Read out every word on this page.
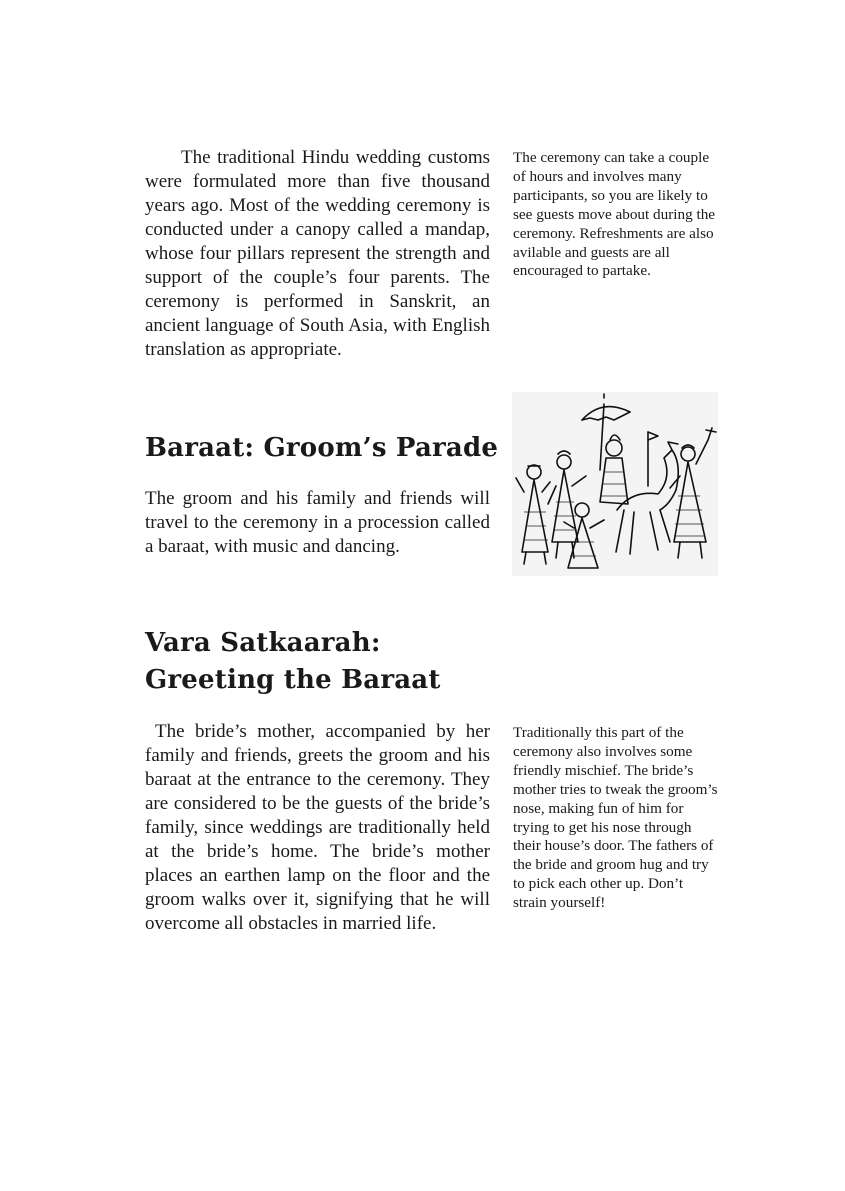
The traditional Hindu wedding customs were formulated more than five thousand years ago. Most of the wedding ceremony is conducted under a canopy called a mandap, whose four pillars represent the strength and support of the couple’s four parents. The ceremony is performed in Sanskrit, an ancient language of South Asia, with English translation as appropriate.

The ceremony can take a couple of hours and involves many participants, so you are likely to see guests move about during the ceremony. Refreshments are also avilable and guests are all encouraged to partake.

Baraat: Groom’s Parade

The groom and his family and friends will travel to the ceremony in a procession called a baraat, with music and dancing.

Vara Satkaarah:
Greeting the Baraat

The bride’s mother, accompanied by her family and friends, greets the groom and his baraat at the entrance to the ceremony. They are considered to be the guests of the bride’s family, since weddings are traditionally held at the bride’s home. The bride’s mother places an earthen lamp on the floor and the groom walks over it, signifying that he will overcome all obstacles in married life.

Traditionally this part of the ceremony also involves some friendly mischief. The bride’s mother tries to tweak the groom’s nose, making fun of him for trying to get his nose through their house’s door. The fathers of the bride and groom hug and try to pick each other up. Don’t strain yourself!
